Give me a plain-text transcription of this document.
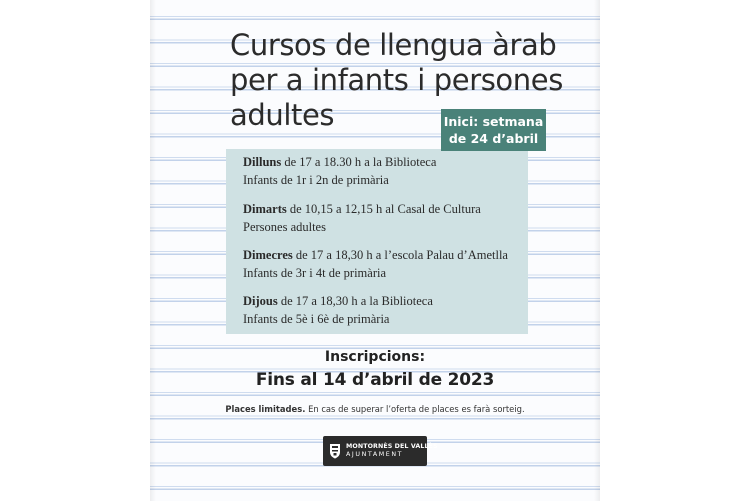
Cursos de llengua àrab
per a infants i persones
adultes
Dilluns de 17 a 18.30 h a la Biblioteca
Infants de 1r i 2n de primària
Dimarts de 10,15 a 12,15 h al Casal de Cultura
Persones adultes
Dimecres de 17 a 18,30 h a l’escola Palau d’Ametlla
Infants de 3r i 4t de primària
Dijous de 17 a 18,30 h a la Biblioteca
Infants de 5è i 6è de primària
Inici: setmana
de 24 d’abril
Inscripcions:
Fins al 14 d’abril de 2023
Places limitades. En cas de superar l’oferta de places es farà sorteig.
MONTORNÈS DEL VALLÈS
AJUNTAMENT
